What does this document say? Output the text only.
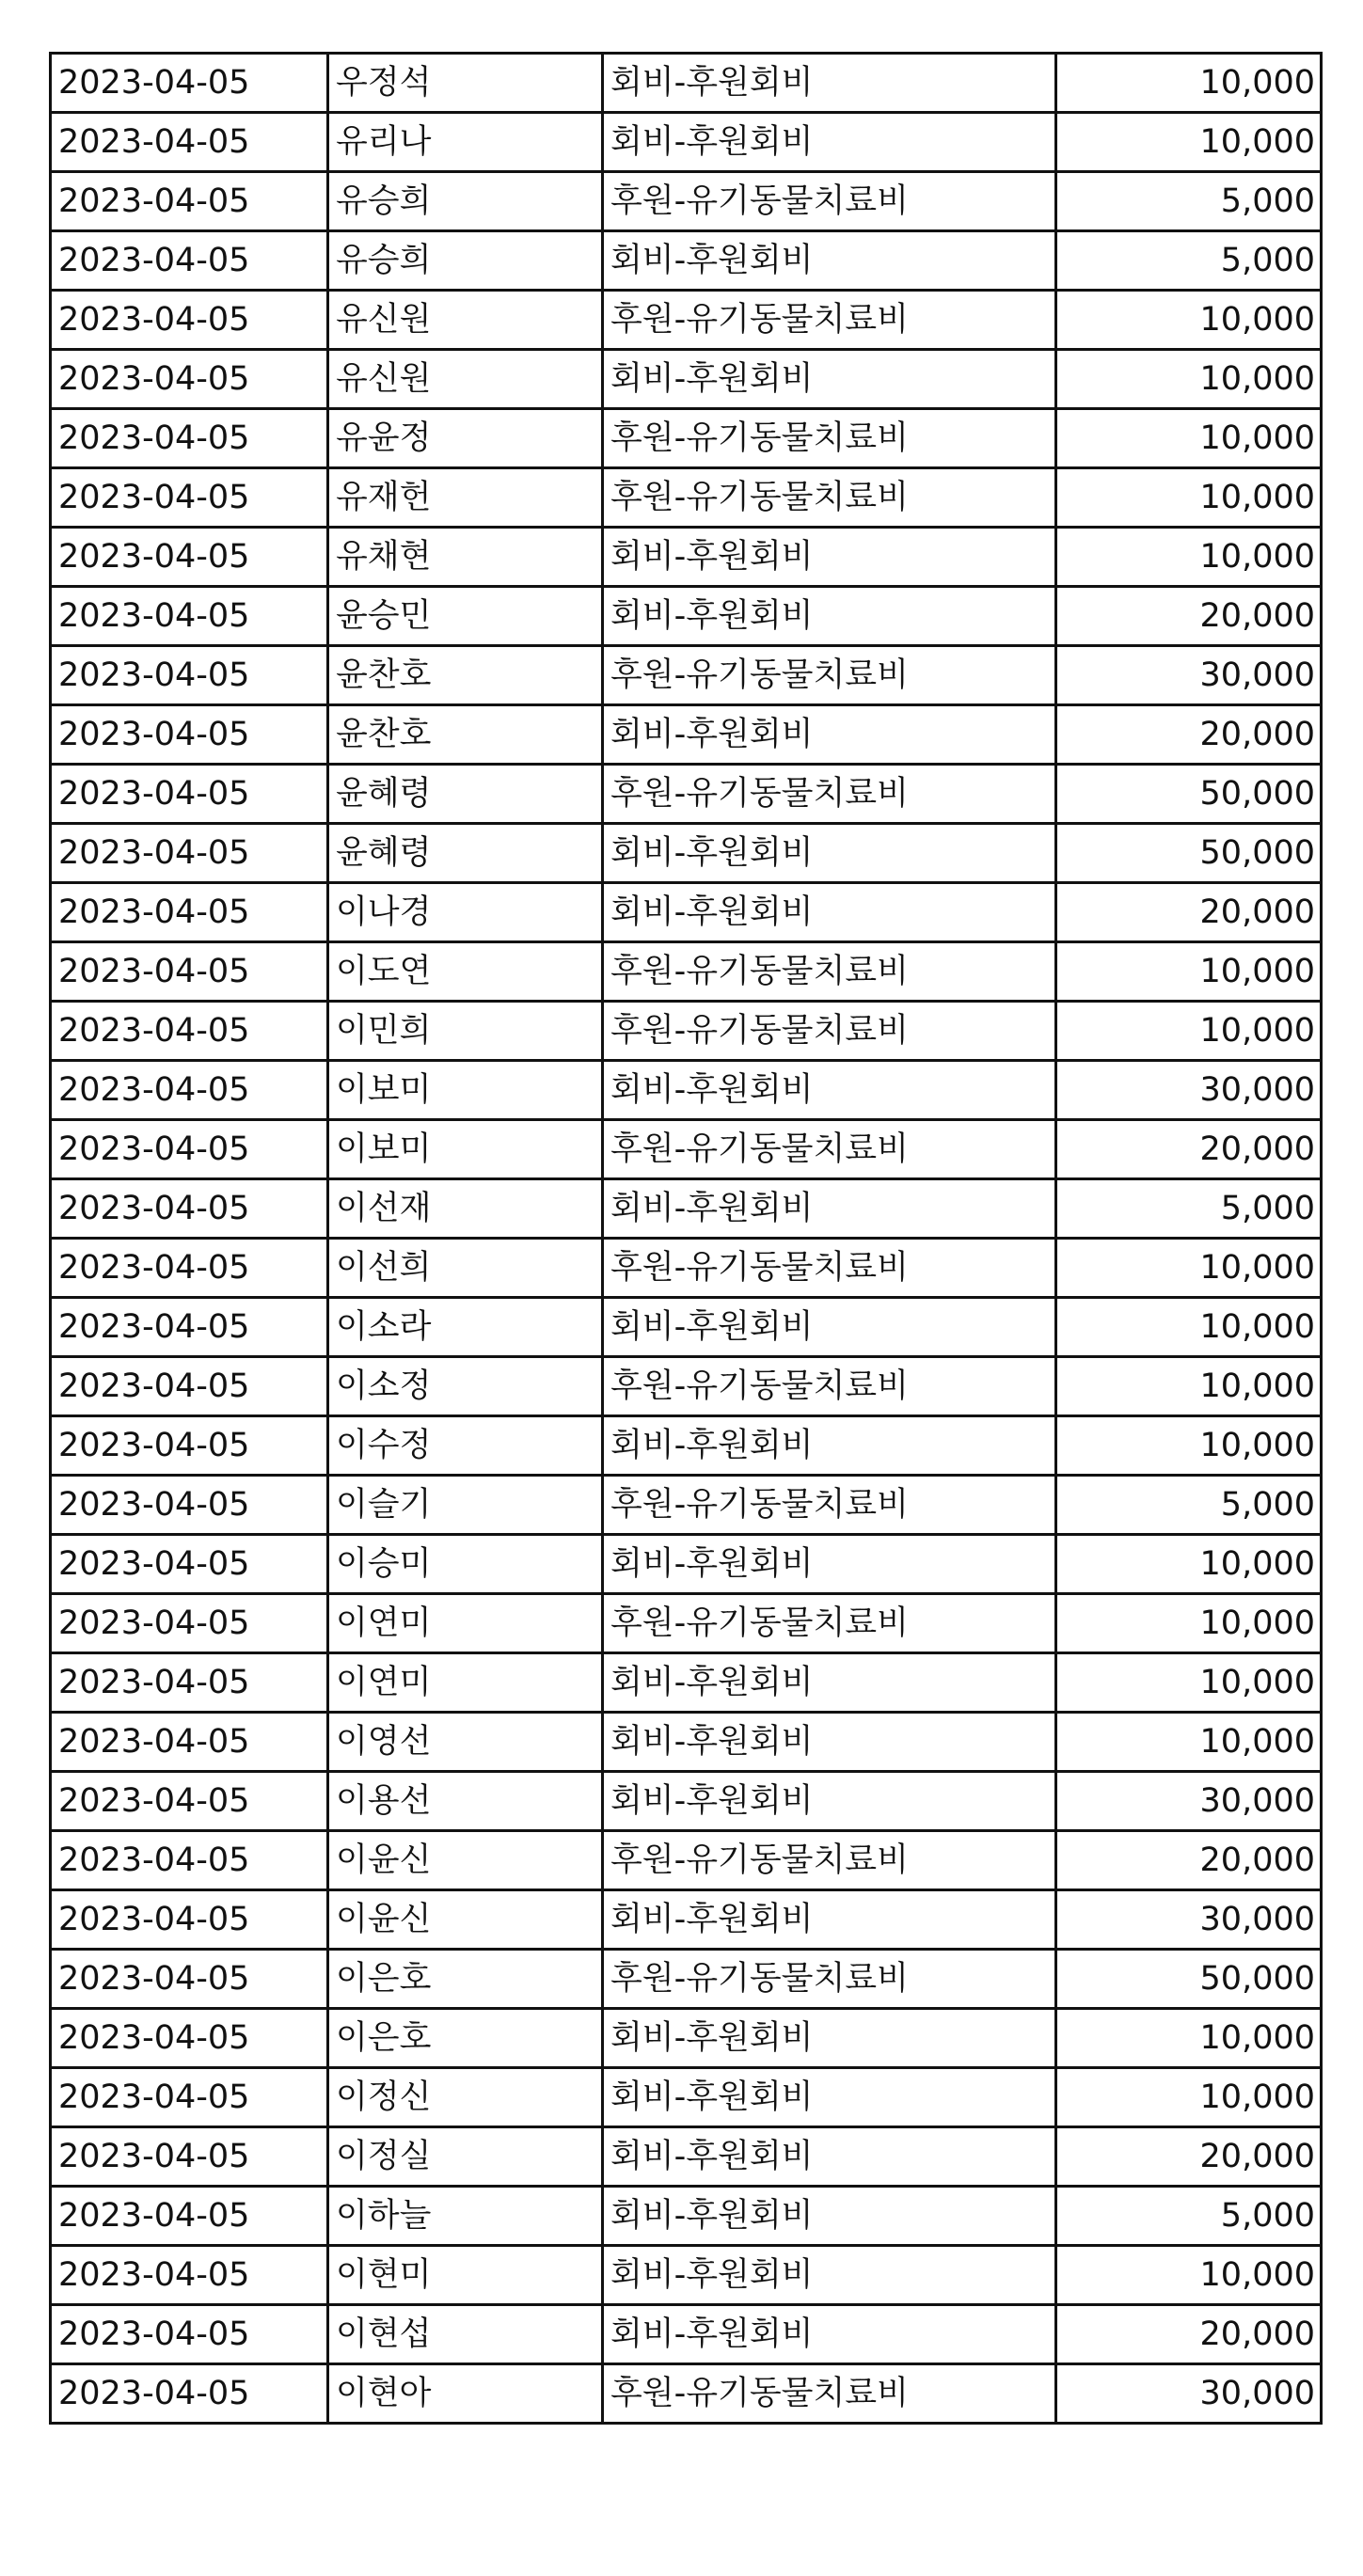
2023-04-05	우정석	회비-후원회비	10,000
2023-04-05	유리나	회비-후원회비	10,000
2023-04-05	유승희	후원-유기동물치료비	5,000
2023-04-05	유승희	회비-후원회비	5,000
2023-04-05	유신원	후원-유기동물치료비	10,000
2023-04-05	유신원	회비-후원회비	10,000
2023-04-05	유윤정	후원-유기동물치료비	10,000
2023-04-05	유재헌	후원-유기동물치료비	10,000
2023-04-05	유채현	회비-후원회비	10,000
2023-04-05	윤승민	회비-후원회비	20,000
2023-04-05	윤찬호	후원-유기동물치료비	30,000
2023-04-05	윤찬호	회비-후원회비	20,000
2023-04-05	윤혜령	후원-유기동물치료비	50,000
2023-04-05	윤혜령	회비-후원회비	50,000
2023-04-05	이나경	회비-후원회비	20,000
2023-04-05	이도연	후원-유기동물치료비	10,000
2023-04-05	이민희	후원-유기동물치료비	10,000
2023-04-05	이보미	회비-후원회비	30,000
2023-04-05	이보미	후원-유기동물치료비	20,000
2023-04-05	이선재	회비-후원회비	5,000
2023-04-05	이선희	후원-유기동물치료비	10,000
2023-04-05	이소라	회비-후원회비	10,000
2023-04-05	이소정	후원-유기동물치료비	10,000
2023-04-05	이수정	회비-후원회비	10,000
2023-04-05	이슬기	후원-유기동물치료비	5,000
2023-04-05	이승미	회비-후원회비	10,000
2023-04-05	이연미	후원-유기동물치료비	10,000
2023-04-05	이연미	회비-후원회비	10,000
2023-04-05	이영선	회비-후원회비	10,000
2023-04-05	이용선	회비-후원회비	30,000
2023-04-05	이윤신	후원-유기동물치료비	20,000
2023-04-05	이윤신	회비-후원회비	30,000
2023-04-05	이은호	후원-유기동물치료비	50,000
2023-04-05	이은호	회비-후원회비	10,000
2023-04-05	이정신	회비-후원회비	10,000
2023-04-05	이정실	회비-후원회비	20,000
2023-04-05	이하늘	회비-후원회비	5,000
2023-04-05	이현미	회비-후원회비	10,000
2023-04-05	이현섭	회비-후원회비	20,000
2023-04-05	이현아	후원-유기동물치료비	30,000
